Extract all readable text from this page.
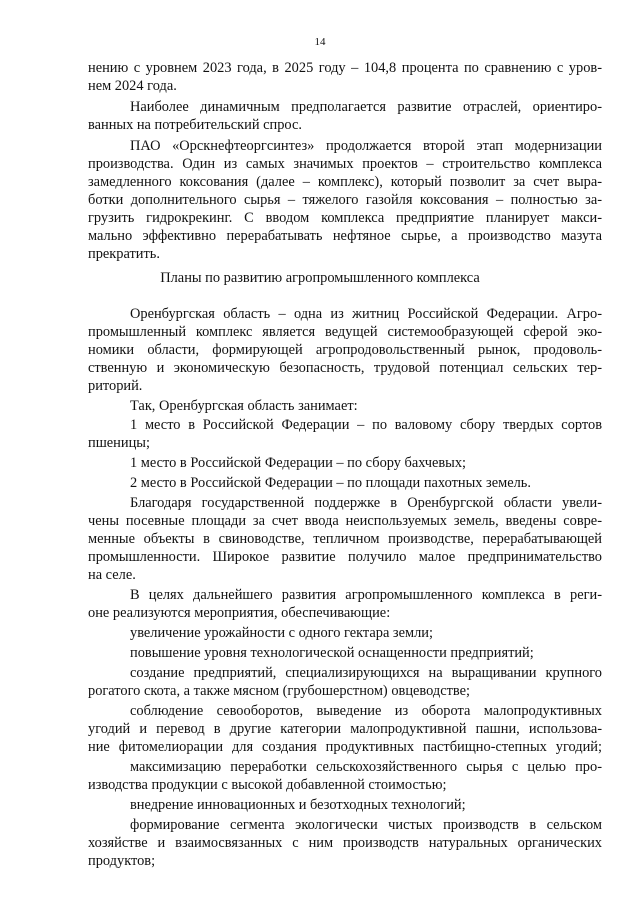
14
нению с уровнем 2023 года, в 2025 году – 104,8 процента по сравнению с уров-
нем 2024 года.
Наиболее динамичным предполагается развитие отраслей, ориентиро-
ванных на потребительский спрос.
ПАО «Орскнефтеоргсинтез» продолжается второй этап модернизации
производства. Один из самых значимых проектов – строительство комплекса
замедленного коксования (далее – комплекс), который позволит за счет выра-
ботки дополнительного сырья – тяжелого газойля коксования – полностью за-
грузить гидрокрекинг. С вводом комплекса предприятие планирует макси-
мально эффективно перерабатывать нефтяное сырье, а производство мазута
прекратить.
Планы по развитию агропромышленного комплекса
Оренбургская область – одна из житниц Российской Федерации. Агро-
промышленный комплекс является ведущей системообразующей сферой эко-
номики области, формирующей агропродовольственный рынок, продоволь-
ственную и экономическую безопасность, трудовой потенциал сельских тер-
риторий.
Так, Оренбургская область занимает:
1 место в Российской Федерации – по валовому сбору твердых сортов
пшеницы;
1 место в Российской Федерации – по сбору бахчевых;
2 место в Российской Федерации – по площади пахотных земель.
Благодаря государственной поддержке в Оренбургской области увели-
чены посевные площади за счет ввода неиспользуемых земель, введены совре-
менные объекты в свиноводстве, тепличном производстве, перерабатывающей
промышленности. Широкое развитие получило малое предпринимательство
на селе.
В целях дальнейшего развития агропромышленного комплекса в реги-
оне реализуются мероприятия, обеспечивающие:
увеличение урожайности с одного гектара земли;
повышение уровня технологической оснащенности предприятий;
создание предприятий, специализирующихся на выращивании крупного
рогатого скота, а также мясном (грубошерстном) овцеводстве;
соблюдение севооборотов, выведение из оборота малопродуктивных
угодий и перевод в другие категории малопродуктивной пашни, использова-
ние фитомелиорации для создания продуктивных пастбищно-степных угодий;
максимизацию переработки сельскохозяйственного сырья с целью про-
изводства продукции с высокой добавленной стоимостью;
внедрение инновационных и безотходных технологий;
формирование сегмента экологически чистых производств в сельском
хозяйстве и взаимосвязанных с ним производств натуральных органических
продуктов;
